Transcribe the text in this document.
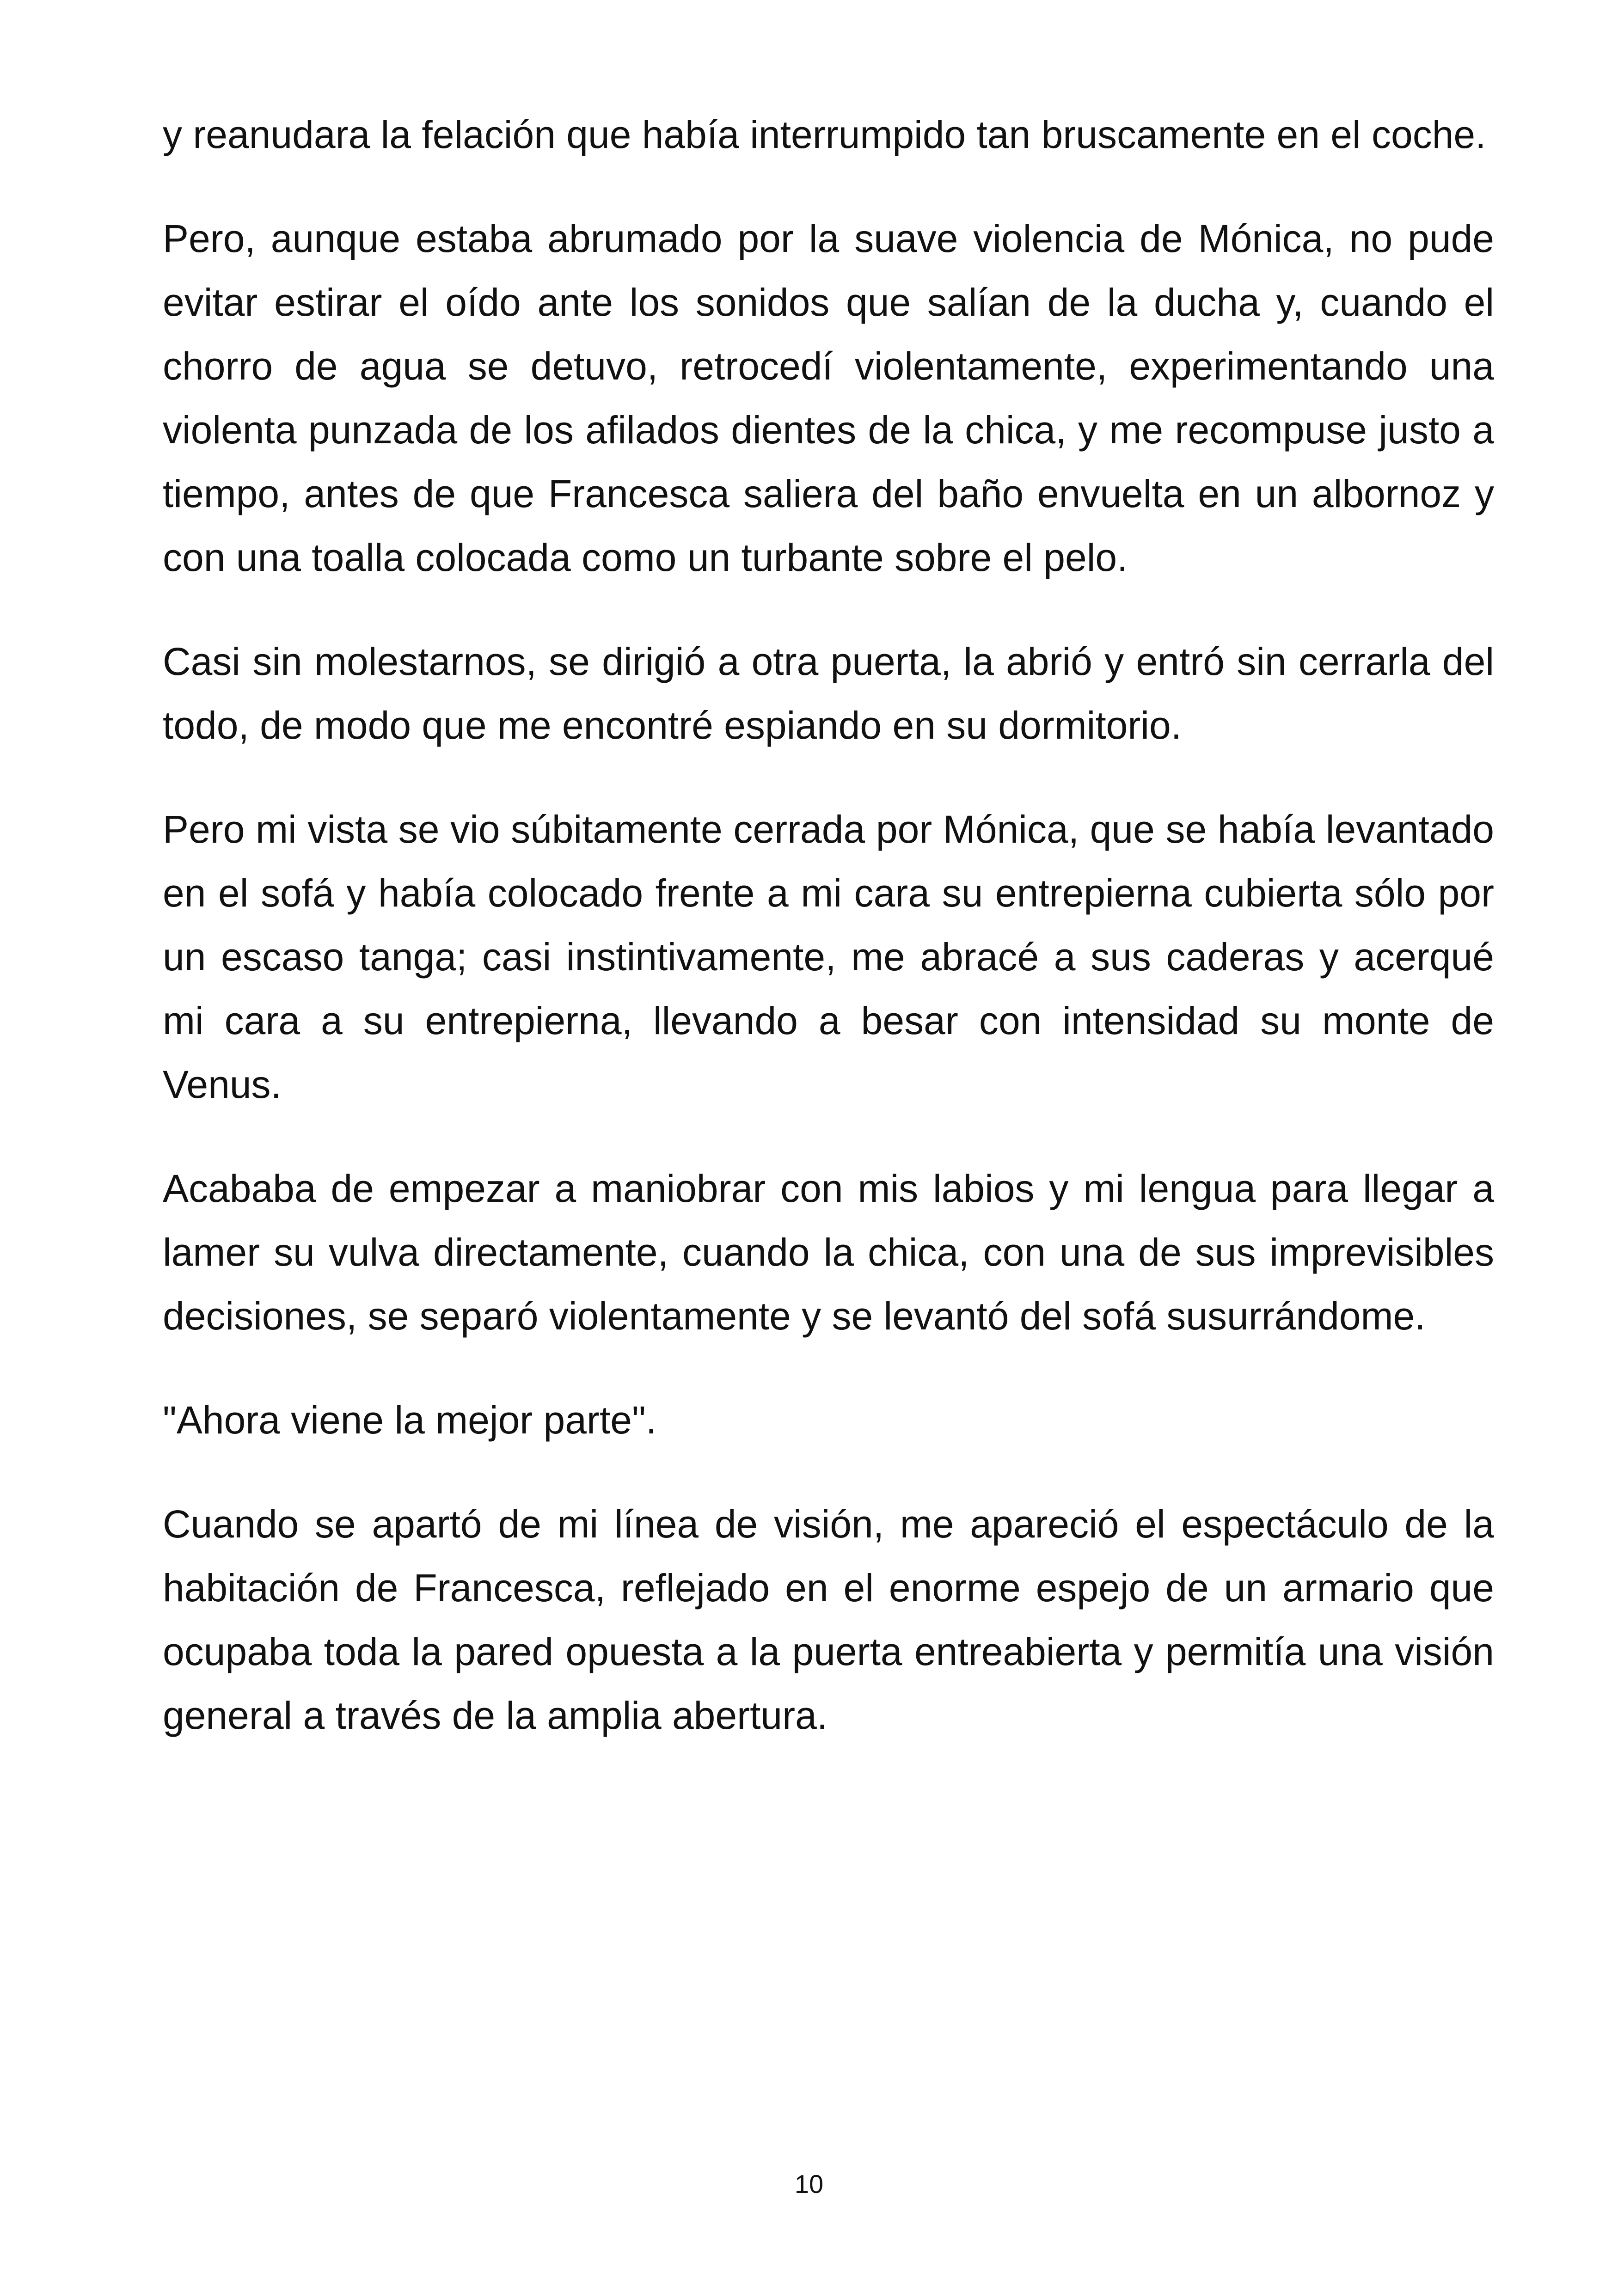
y reanudara la felación que había interrumpido tan bruscamente en el coche.

Pero, aunque estaba abrumado por la suave violencia de Mónica, no pude evitar estirar el oído ante los sonidos que salían de la ducha y, cuando el chorro de agua se detuvo, retrocedí violentamente, experimentando una violenta punzada de los afilados dientes de la chica, y me recompuse justo a tiempo, antes de que Francesca saliera del baño envuelta en un albornoz y con una toalla colocada como un turbante sobre el pelo.

Casi sin molestarnos, se dirigió a otra puerta, la abrió y entró sin cerrarla del todo, de modo que me encontré espiando en su dormitorio.

Pero mi vista se vio súbitamente cerrada por Mónica, que se había levantado en el sofá y había colocado frente a mi cara su entrepierna cubierta sólo por un escaso tanga; casi instintivamente, me abracé a sus caderas y acerqué mi cara a su entrepierna, llevando a besar con intensidad su monte de Venus.

Acababa de empezar a maniobrar con mis labios y mi lengua para llegar a lamer su vulva directamente, cuando la chica, con una de sus imprevisibles decisiones, se separó violentamente y se levantó del sofá susurrándome.

"Ahora viene la mejor parte".

Cuando se apartó de mi línea de visión, me apareció el espectáculo de la habitación de Francesca, reflejado en el enorme espejo de un armario que ocupaba toda la pared opuesta a la puerta entreabierta y permitía una visión general a través de la amplia abertura.

10
